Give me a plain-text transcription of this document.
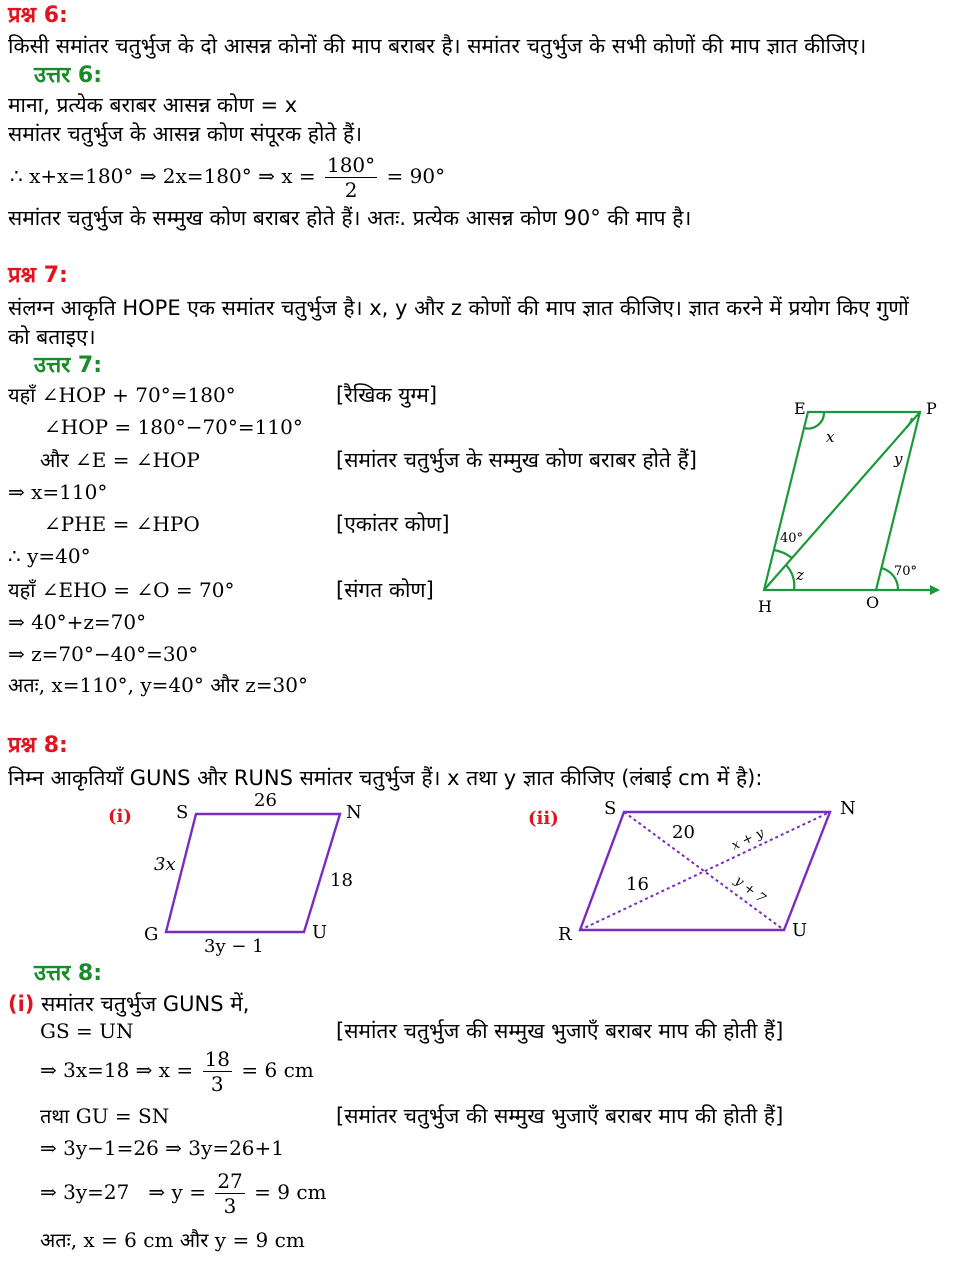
प्रश्न 6:
किसी समांतर चतुर्भुज के दो आसन्न कोनों की माप बराबर है। समांतर चतुर्भुज के सभी कोणों की माप ज्ञात कीजिए।
उत्तर 6:
माना, प्रत्येक बराबर आसन्न कोण = x
समांतर चतुर्भुज के आसन्न कोण संपूरक होते हैं।
∴ x+x=180° ⇒ 2x=180° ⇒ $x = \frac{180^\circ}{2} = 90^\circ$
समांतर चतुर्भुज के सम्मुख कोण बराबर होते हैं। अतः. प्रत्येक आसन्न कोण 90° की माप है।
प्रश्न 7:
संलग्न आकृति HOPE एक समांतर चतुर्भुज है। x, y और z कोणों की माप ज्ञात कीजिए। ज्ञात करने में प्रयोग किए गुणों
को बताइए।
उत्तर 7:
यहाँ ∠HOP + 70°=180°	[रैखिक युग्म]
∠HOP = 180°−70°=110°
और ∠E = ∠HOP	[समांतर चतुर्भुज के सम्मुख कोण बराबर होते हैं]
⇒ x=110°
∠PHE = ∠HPO	[एकांतर कोण]
∴ y=40°
यहाँ ∠EHO = ∠O = 70°	[संगत कोण]
⇒ 40°+z=70°
⇒ z=70°−40°=30°
अतः, x=110°, y=40° और z=30°
E	P
H	O
x
y
z
40°
70°
प्रश्न 8:
निम्न आकृतियाँ GUNS और RUNS समांतर चतुर्भुज हैं। x तथा y ज्ञात कीजिए (लंबाई cm में है):
(i) S	N
G	U
26
3x
18
3y − 1
(ii)	S	N
R	U
20
16
x + y
y + 7
उत्तर 8:
(i) समांतर चतुर्भुज GUNS में,
GS = UN	[समांतर चतुर्भुज की सम्मुख भुजाएँ बराबर माप की होती हैं]
⇒ 3x=18 ⇒ $x = \frac{18}{3} = 6$ cm
तथा GU = SN	[समांतर चतुर्भुज की सम्मुख भुजाएँ बराबर माप की होती हैं]
⇒ 3y−1=26 ⇒ 3y=26+1
⇒ 3y=27   ⇒ $y = \frac{27}{3} = 9$ cm
अतः, x = 6 cm और y = 9 cm
